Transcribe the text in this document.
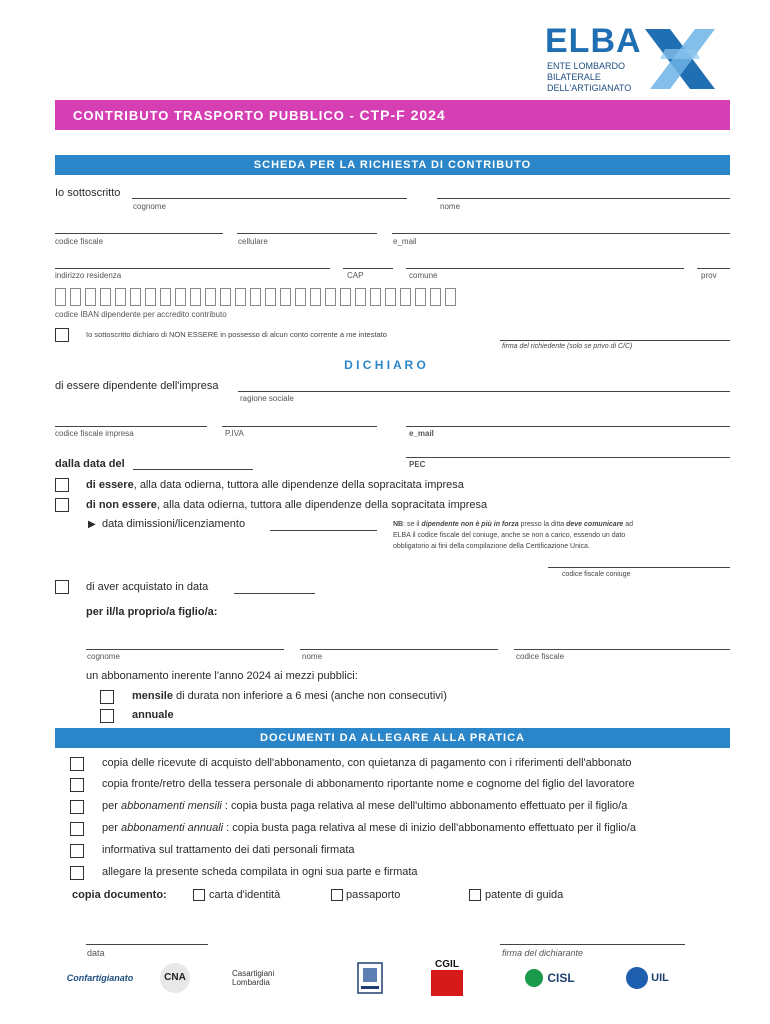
ELBA
ENTE LOMBARDO
BILATERALE
DELL'ARTIGIANATO
CONTRIBUTO TRASPORTO PUBBLICO - CTP-F 2024
SCHEDA PER LA RICHIESTA DI CONTRIBUTO
Io sottoscritto
cognome	nome
codice fiscale	cellulare	e_mail
indirizzo residenza	CAP	comune	prov
codice IBAN dipendente per accredito contributo
Io sottoscritto dichiaro di NON ESSERE in possesso di alcun conto corrente a me intestato
firma del richiedente (solo se privo di C/C)
D I C H I A R O
di essere dipendente dell'impresa
ragione sociale
codice fiscale impresa	P.IVA	e_mail
dalla data del	PEC
di essere, alla data odierna, tuttora alle dipendenze della sopracitata impresa
di non essere, alla data odierna, tuttora alle dipendenze della sopracitata impresa
▶ data dimissioni/licenziamento	NB: se il dipendente non è più in forza presso la ditta deve comunicare ad
ELBA il codice fiscale del coniuge, anche se non a carico, essendo un dato
obbligatorio ai fini della compilazione della Certificazione Unica.
codice fiscale coniuge
di aver acquistato in data
per il/la proprio/a figlio/a:
cognome	nome	codice fiscale
un abbonamento inerente l'anno 2024 ai mezzi pubblici:
mensile di durata non inferiore a 6 mesi (anche non consecutivi)
annuale
DOCUMENTI DA ALLEGARE ALLA PRATICA
copia delle ricevute di acquisto dell'abbonamento, con quietanza di pagamento con i riferimenti dell'abbonato
copia fronte/retro della tessera personale di abbonamento riportante nome e cognome del figlio del lavoratore
per abbonamenti mensili : copia busta paga relativa al mese dell'ultimo abbonamento effettuato per il figlio/a
per abbonamenti annuali : copia busta paga relativa al mese di inizio dell'abbonamento effettuato per il figlio/a
informativa sul trattamento dei dati personali firmata
allegare la presente scheda compilata in ogni sua parte e firmata
copia documento:	carta d'identità	passaporto	patente di guida
data	firma del dichiarante
Confartigianato	CNA	Casartigiani Lombardia
CGIL
CISL	UIL
